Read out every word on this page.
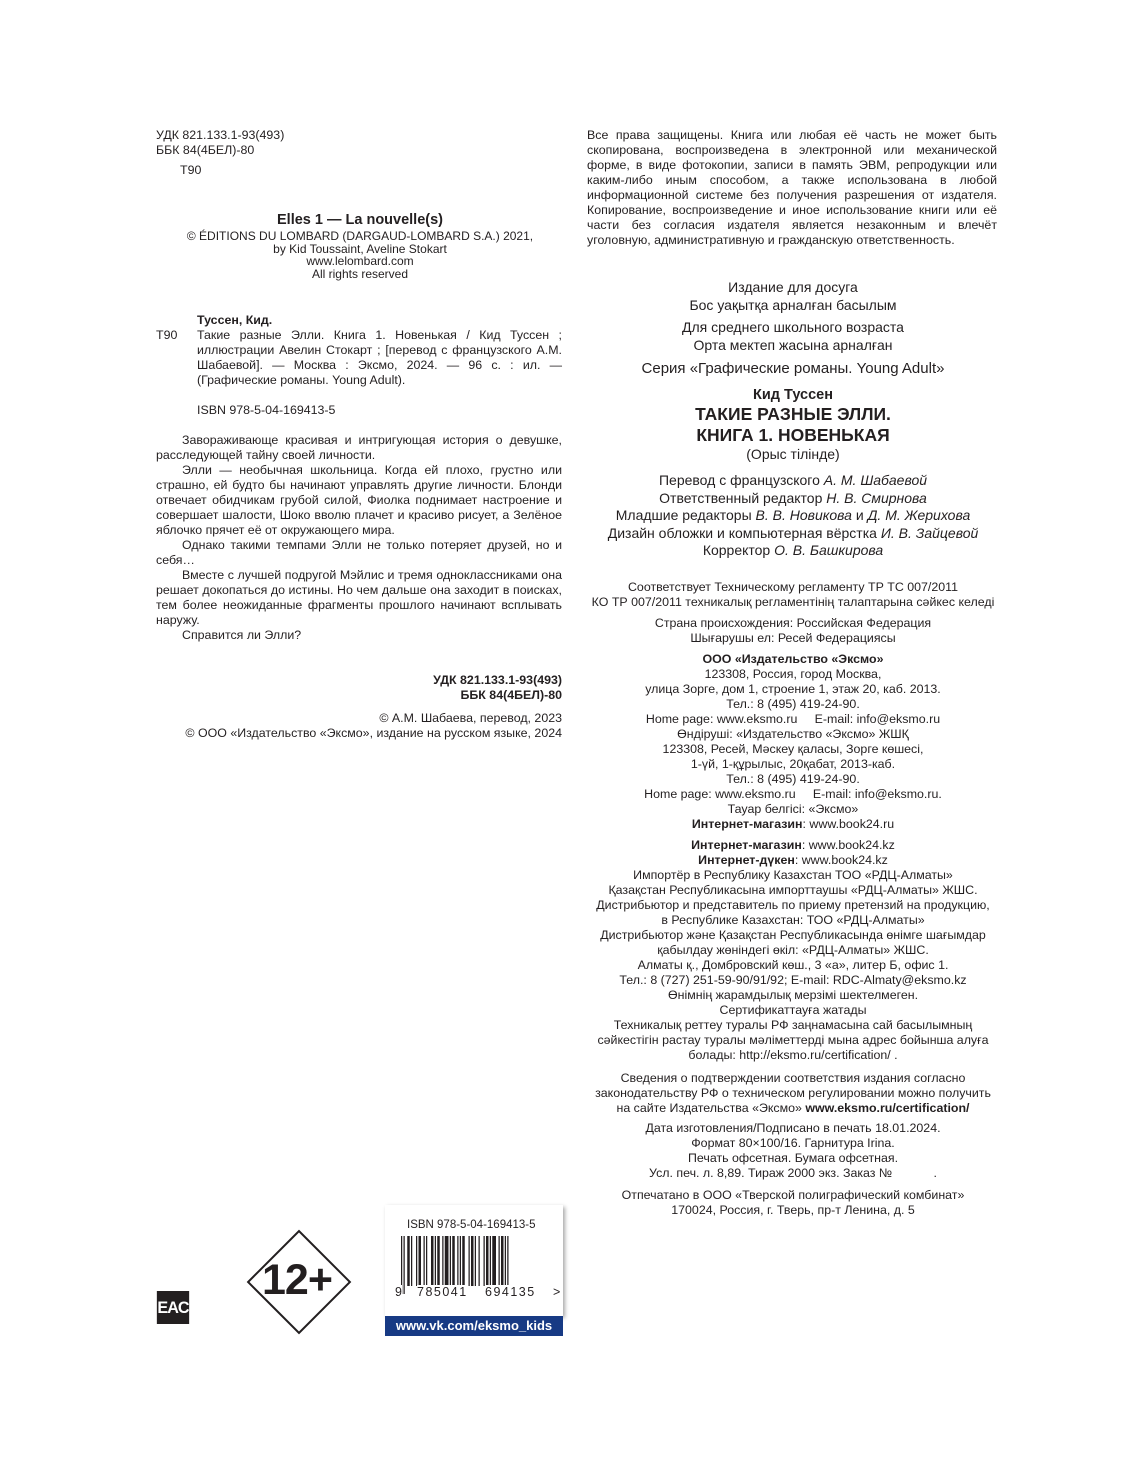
УДК 821.133.1-93(493)
ББК 84(4БЕЛ)-80
Т90
Elles 1 — La nouvelle(s)
© ÉDITIONS DU LOMBARD (DARGAUD-LOMBARD S.A.) 2021,
by Kid Toussaint, Aveline Stokart
www.lelombard.com
All rights reserved
Туссен, Кид.
Т90 Такие разные Элли. Книга 1. Новенькая / Кид Туссен ; иллюстрации Авелин Стокарт ; [перевод с французского А.М. Шабаевой]. — Москва : Эксмо, 2024. — 96 с. : ил. — (Графические романы. Young Adult).
ISBN 978-5-04-169413-5

Завораживающе красивая и интригующая история о девушке, расследующей тайну своей личности.

Элли — необычная школьница. Когда ей плохо, грустно или страшно, ей будто бы начинают управлять другие личности. Блонди отвечает обидчикам грубой силой, Фиолка поднимает настроение и совершает шалости, Шоко вволю плачет и красиво рисует, а Зелёное яблочко прячет её от окружающего мира.

Однако такими темпами Элли не только потеряет друзей, но и себя…

Вместе с лучшей подругой Мэйлис и тремя одноклассниками она решает докопаться до истины. Но чем дальше она заходит в поисках, тем более неожиданные фрагменты прошлого начинают всплывать наружу.

Справится ли Элли?

УДК 821.133.1-93(493)
ББК 84(4БЕЛ)-80
© А.М. Шабаева, перевод, 2023
© ООО «Издательство «Эксмо», издание на русском языке, 2024
Все права защищены. Книга или любая её часть не может быть скопирована, воспроизведена в электронной или механической форме, в виде фотокопии, записи в память ЭВМ, репродукции или каким-либо иным способом, а также использована в любой информационной системе без получения разрешения от издателя. Копирование, воспроизведение и иное использование книги или её части без согласия издателя является незаконным и влечёт уголовную, административную и гражданскую ответственность.
Издание для досуга
Бос уақытқа арналған басылым
Для среднего школьного возраста
Орта мектеп жасына арналған
Серия «Графические романы. Young Adult»
Кид Туссен
ТАКИЕ РАЗНЫЕ ЭЛЛИ.
КНИГА 1. НОВЕНЬКАЯ
(Орыс тілінде)
Перевод с французского А. М. Шабаевой
Ответственный редактор Н. В. Смирнова
Младшие редакторы В. В. Новикова и Д. М. Жерихова
Дизайн обложки и компьютерная вёрстка И. В. Зайцевой
Корректор О. В. Башкирова
Соответствует Техническому регламенту ТР ТС 007/2011
КО ТР 007/2011 техникалық регламентінің талаптарына сәйкес келеді
Страна происхождения: Российская Федерация
Шығарушы ел: Ресей Федерациясы
ООО «Издательство «Эксмо»
123308, Россия, город Москва,
улица Зорге, дом 1, строение 1, этаж 20, каб. 2013.
Тел.: 8 (495) 419-24-90.
Home page: www.eksmo.ru     E-mail: info@eksmo.ru
Өндіруші: «Издательство «Эксмо» ЖШҚ
123308, Ресей, Мәскеу қаласы, Зорге көшесі,
1-үй, 1-құрылыс, 20қабат, 2013-каб.
Тел.: 8 (495) 419-24-90.
Home page: www.eksmo.ru     E-mail: info@eksmo.ru.
Тауар белгісі: «Эксмо»
Интернет-магазин: www.book24.ru
Интернет-магазин: www.book24.kz
Интернет-дүкен: www.book24.kz
Импортёр в Республику Казахстан ТОО «РДЦ-Алматы»
Қазақстан Республикасына импорттаушы «РДЦ-Алматы» ЖШС.
Дистрибьютор и представитель по приему претензий на продукцию,
в Республике Казахстан: ТОО «РДЦ-Алматы»
Дистрибьютор және Қазақстан Республикасында өнімге шағымдар
қабылдау жөніндегі өкіл: «РДЦ-Алматы» ЖШС.
Алматы қ., Домбровский көш., 3 «а», литер Б, офис 1.
Тел.: 8 (727) 251-59-90/91/92; E-mail: RDC-Almaty@eksmo.kz
Өнімнің жарамдылық мерзімі шектелмеген.
Сертификаттауға жатады
Техникалық реттеу туралы РФ заңнамасына сай басылымның
сәйкестігін растау туралы мәліметтерді мына адрес бойынша алуға
болады: http://eksmo.ru/certification/ .
Сведения о подтверждении соответствия издания согласно
законодательству РФ о техническом регулировании можно получить
на сайте Издательства «Эксмо» www.eksmo.ru/certification/
Дата изготовления/Подписано в печать 18.01.2024.
Формат 80×100/16. Гарнитура Irina.
Печать офсетная. Бумага офсетная.
Усл. печ. л. 8,89. Тираж 2000 экз. Заказ №            .
Отпечатано в ООО «Тверской полиграфический комбинат»
170024, Россия, г. Тверь, пр-т Ленина, д. 5
EAC
12+
ISBN 978-5-04-169413-5
9 785041 694135 >
www.vk.com/eksmo_kids
